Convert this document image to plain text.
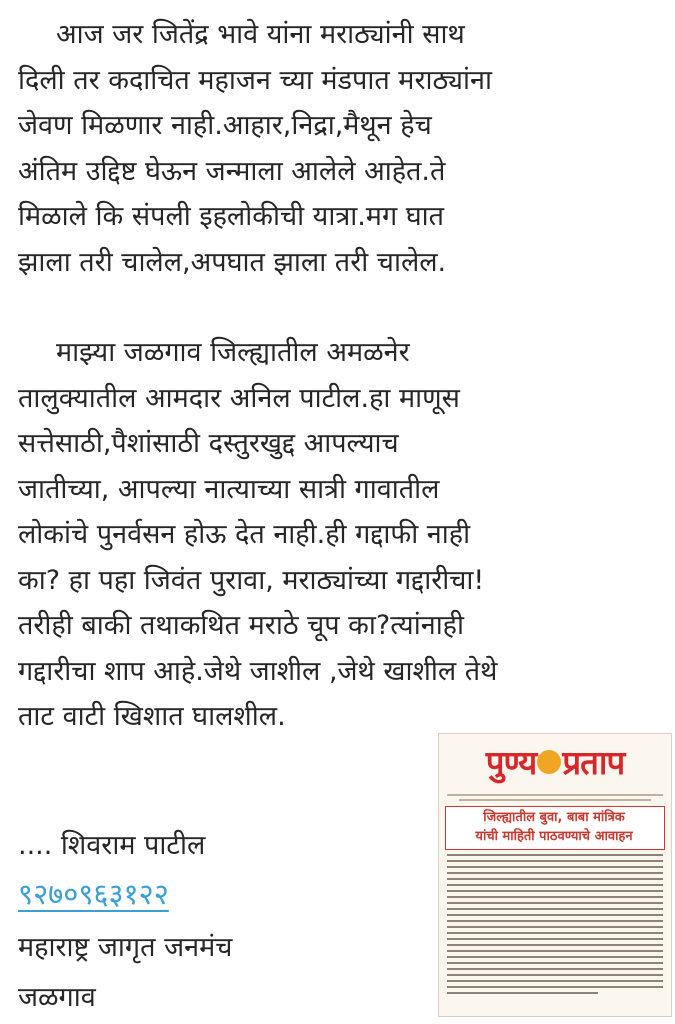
आज जर जितेंद्र भावे यांना मराठ्यांनी साथ
दिली तर कदाचित महाजन च्या मंडपात मराठ्यांना
जेवण मिळणार नाही.आहार,निद्रा,मैथून हेच
अंतिम उद्दिष्ट घेऊन जन्माला आलेले आहेत.ते
मिळाले कि संपली इहलोकीची यात्रा.मग घात
झाला तरी चालेल,अपघात झाला तरी चालेल.

माझ्या जळगाव जिल्ह्यातील अमळनेर
तालुक्यातील आमदार अनिल पाटील.हा माणूस
सत्तेसाठी,पैशांसाठी दस्तुरखुद्द आपल्याच
जातीच्या, आपल्या नात्याच्या सात्री गावातील
लोकांचे पुनर्वसन होऊ देत नाही.ही गद्दाफी नाही
का? हा पहा जिवंत पुरावा, मराठ्यांच्या गद्दारीचा!
तरीही बाकी तथाकथित मराठे चूप का?त्यांनाही
गद्दारीचा शाप आहे.जेथे जाशील ,जेथे खाशील तेथे
ताट वाटी खिशात घालशील.

.... शिवराम पाटील
९२७०९६३१२२
महाराष्ट्र जागृत जनमंच
जळगाव
पुण्य प्रताप
जिल्ह्यातील बुवा, बाबा मांत्रिक
यांची माहिती पाठवण्याचे आवाहन
